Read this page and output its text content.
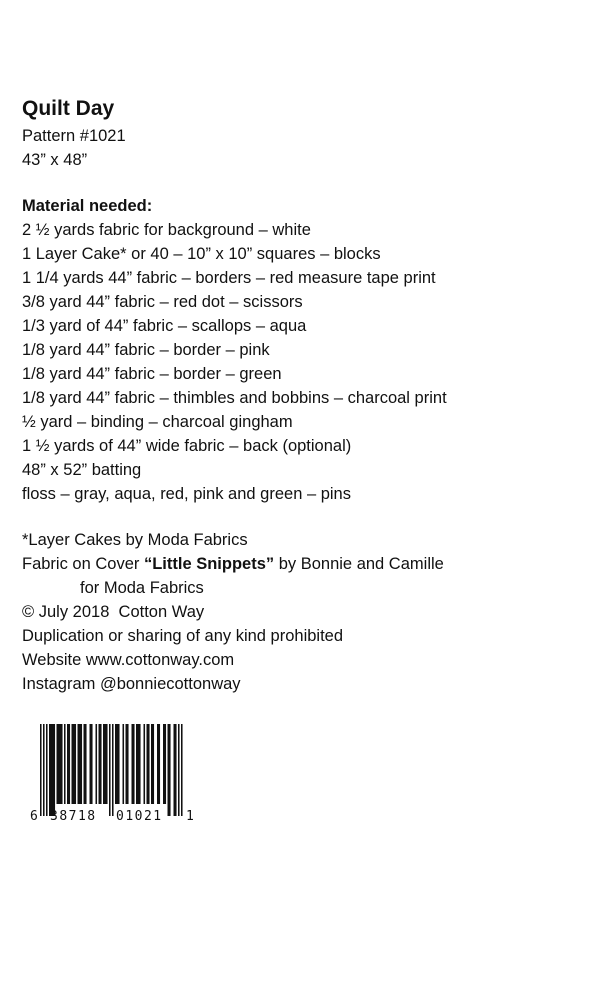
Quilt Day
Pattern #1021
43” x 48”
Material needed:
2 ½ yards fabric for background – white
1 Layer Cake* or 40 – 10” x 10” squares – blocks
1 1/4 yards 44” fabric – borders – red measure tape print
3/8 yard 44” fabric – red dot – scissors
1/3 yard of 44” fabric – scallops – aqua
1/8 yard 44” fabric – border – pink
1/8 yard 44” fabric – border – green
1/8 yard 44” fabric – thimbles and bobbins – charcoal print
½ yard – binding – charcoal gingham
1 ½ yards of 44” wide fabric – back (optional)
48” x 52” batting
floss – gray, aqua, red, pink and green – pins
*Layer Cakes by Moda Fabrics
Fabric on Cover “Little Snippets” by Bonnie and Camille
for Moda Fabrics
© July 2018  Cotton Way
Duplication or sharing of any kind prohibited
Website www.cottonway.com
Instagram @bonniecottonway
6 38718 01021 1
